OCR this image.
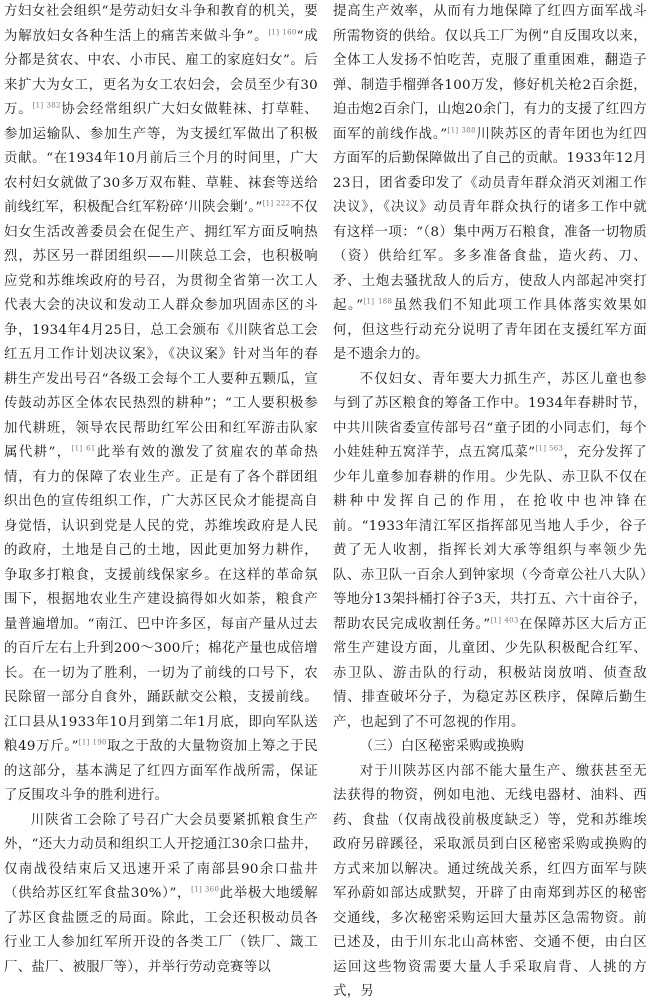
方妇女社会组织“是劳动妇女斗争和教育的机关，要为解放妇女各种生活上的痛苦来做斗争”。$^{[1] 160}$“成分都是贫农、中农、小市民、雇工的家庭妇女”。后来扩大为女工，更名为女工农妇会，会员至少有30万。$^{[1] 382}$协会经常组织广大妇女做鞋袜、打草鞋、参加运输队、参加生产等，为支援红军做出了积极贡献。“在1934年10月前后三个月的时间里，广大农村妇女就做了30多万双布鞋、草鞋、袜套等送给前线红军，积极配合红军粉碎‘川陕会剿’。”$^{[1] 222}$不仅妇女生活改善委员会在促生产、拥红军方面反响热烈，苏区另一群团组织——川陕总工会，也积极响应党和苏维埃政府的号召，为贯彻全省第一次工人代表大会的决议和发动工人群众参加巩固赤区的斗争，1934年4月25日，总工会颁布《川陕省总工会红五月工作计划决议案》，《决议案》针对当年的春耕生产发出号召“各级工会每个工人要种五颗瓜，宣传鼓动苏区全体农民热烈的耕种”；“工人要积极参加代耕班，领导农民帮助红军公田和红军游击队家属代耕”，$^{[1] 61}$此举有效的激发了贫雇农的革命热情，有力的保障了农业生产。正是有了各个群团组织出色的宣传组织工作，广大苏区民众才能提高自身觉悟，认识到党是人民的党，苏维埃政府是人民的政府，土地是自己的土地，因此更加努力耕作，争取多打粮食，支援前线保家乡。在这样的革命氛围下，根据地农业生产建设搞得如火如荼，粮食产量普遍增加。“南江、巴中许多区，每亩产量从过去的百斤左右上升到200～300斤；棉花产量也成倍增长。在一切为了胜利，一切为了前线的口号下，农民除留一部分自食外，踊跃献交公粮，支援前线。江口县从1933年10月到第二年1月底，即向军队送粮49万斤。”$^{[1] 190}$取之于敌的大量物资加上筹之于民的这部分，基本满足了红四方面军作战所需，保证了反围攻斗争的胜利进行。

川陕省工会除了号召广大会员要紧抓粮食生产外，“还大力动员和组织工人开挖通江30余口盐井，仅南战役结束后又迅速开采了南部县90余口盐井（供给苏区红军食盐30%）”，$^{[1] 360}$此举极大地缓解了苏区食盐匮乏的局面。除此，工会还积极动员各行业工人参加红军所开设的各类工厂（铁厂、箴工厂、盐厂、被服厂等），并举行劳动竞赛等以

提高生产效率，从而有力地保障了红四方面军战斗所需物资的供给。仅以兵工厂为例“自反围攻以来，全体工人发扬不怕吃苦，克服了重重困难，翻造子弹、制造手榴弹各100万发，修好机关枪2百余挺，迫击炮2百余门，山炮20余门，有力的支援了红四方面军的前线作战。”$^{[1] 388}$川陕苏区的青年团也为红四方面军的后勤保障做出了自己的贡献。1933年12月23日，团省委印发了《动员青年群众消灭刘湘工作决议》，《决议》动员青年群众执行的诸多工作中就有这样一项：“（8）集中两万石粮食，准备一切物质（资）供给红军。多多准备食盐，造火药、刀、矛、土炮去骚扰敌人的后方，使敌人内部起冲突打起。”$^{[1] 188}$虽然我们不知此项工作具体落实效果如何，但这些行动充分说明了青年团在支援红军方面是不遗余力的。

不仅妇女、青年要大力抓生产，苏区儿童也参与到了苏区粮食的筹备工作中。1934年春耕时节，中共川陕省委宣传部号召“童子团的小同志们，每个小娃娃种五窝洋芋，点五窝瓜菜”$^{[1] 563}$，充分发挥了少年儿童参加春耕的作用。少先队、赤卫队不仅在耕种中发挥自己的作用，在抢收中也冲锋在前。“1933年清江军区指挥部见当地人手少，谷子黄了无人收割，指挥长刘大承等组织与率领少先队、赤卫队一百余人到钟家坝（今奇章公社八大队）等地分13架抖桶打谷子3天，共打五、六十亩谷子，帮助农民完成收割任务。”$^{[1] 403}$在保障苏区大后方正常生产建设方面，儿童团、少先队积极配合红军、赤卫队、游击队的行动，积极站岗放哨、侦查敌情、排查破坏分子，为稳定苏区秩序，保障后勤生产，也起到了不可忽视的作用。

（三）白区秘密采购或换购

对于川陕苏区内部不能大量生产、缴获甚至无法获得的物资，例如电池、无线电器材、油料、西药、食盐（仅南战役前极度缺乏）等，党和苏维埃政府另辟蹊径，采取派员到白区秘密采购或换购的方式来加以解决。通过统战关系，红四方面军与陕军孙蔚如部达成默契，开辟了由南郑到苏区的秘密交通线，多次秘密采购运回大量苏区急需物资。前已述及，由于川东北山高林密、交通不便，由白区运回这些物资需要大量人手采取肩背、人挑的方式，另
